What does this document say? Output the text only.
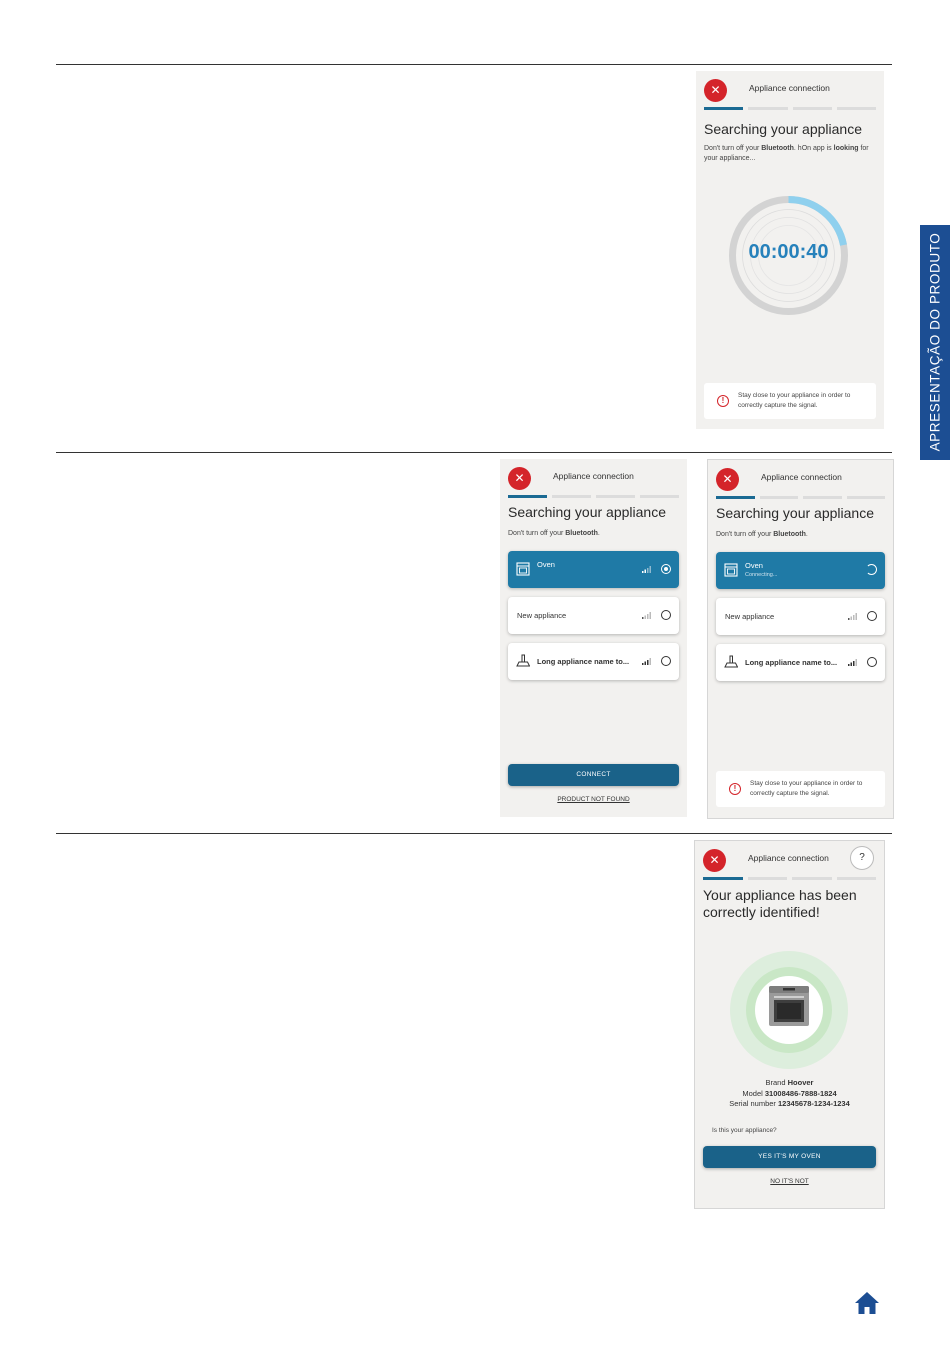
APRESENTAÇÃO DO PRODUTO
✕	Appliance connection
Searching your appliance
Don't turn off your Bluetooth. hOn app is looking for your appliance...
00:00:40
!
Stay close to your appliance in order to correctly capture the signal.
✕	Appliance connection
Searching your appliance
Don't turn off your Bluetooth.
Oven
New appliance
Long appliance name to...
CONNECT
PRODUCT NOT FOUND
✕	Appliance connection
Searching your appliance
Don't turn off your Bluetooth.
Oven
Connecting...
New appliance
Long appliance name to...
!
Stay close to your appliance in order to correctly capture the signal.
✕	Appliance connection	?
Your appliance has been correctly identified!
Brand Hoover
Model 31008486-7888-1824
Serial number 12345678-1234-1234
Is this your appliance?
YES IT'S MY OVEN
NO IT'S NOT
